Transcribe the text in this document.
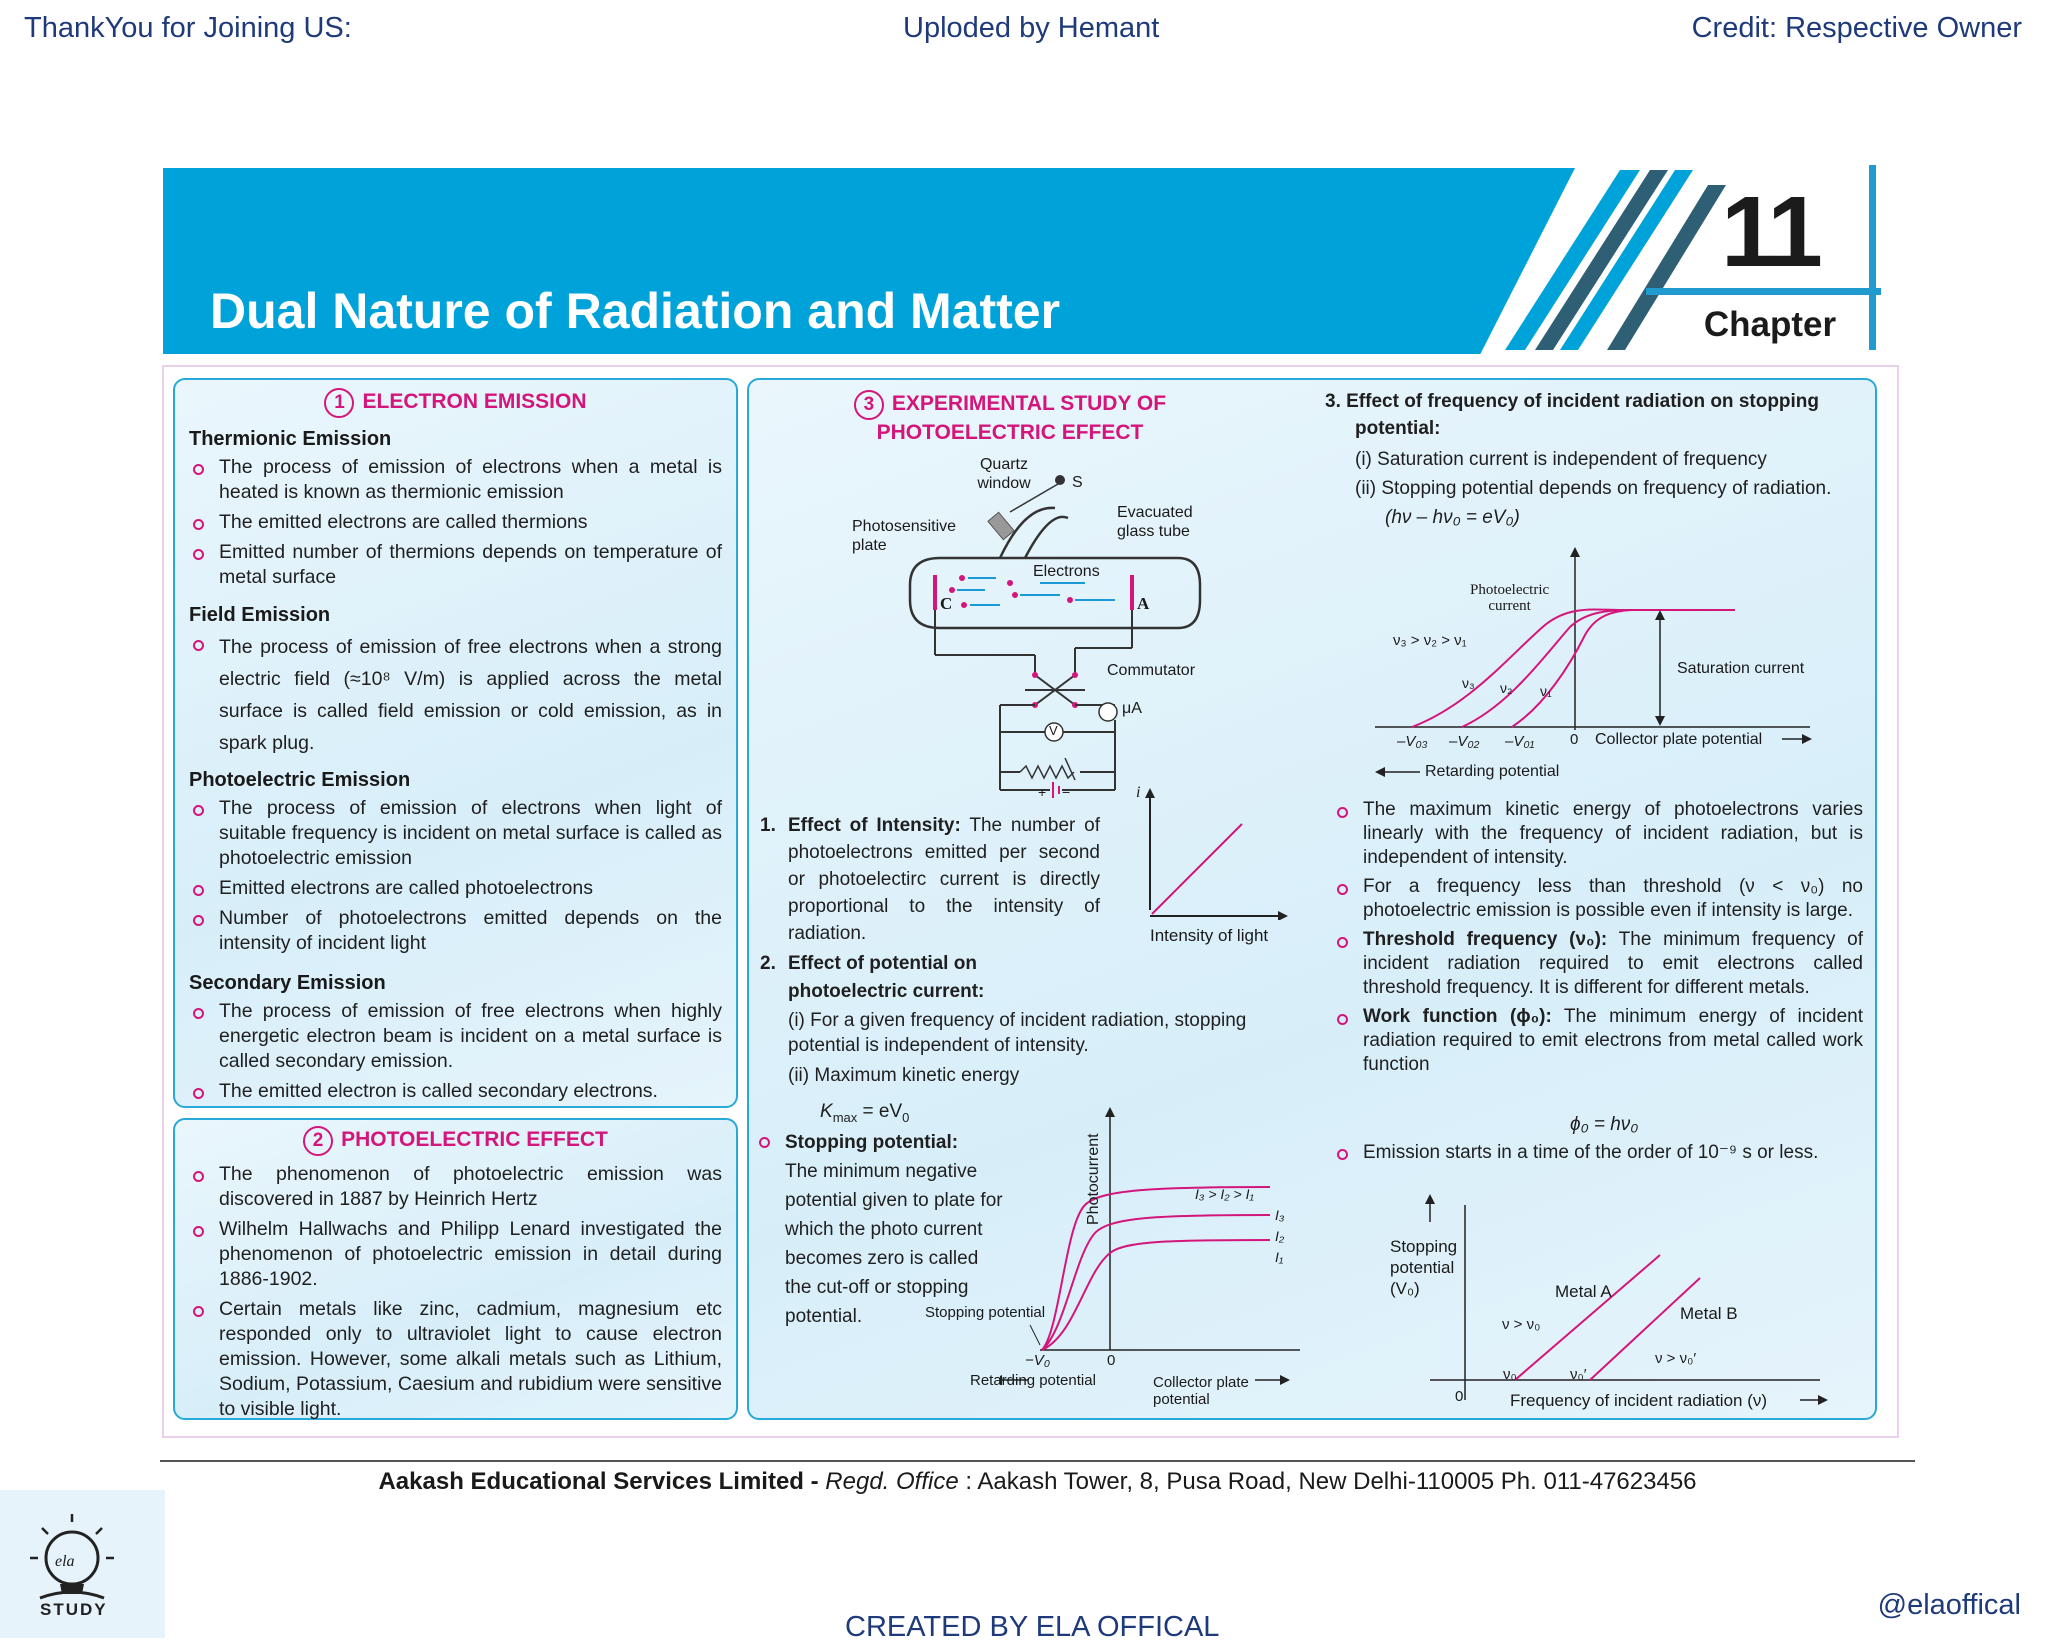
ThankYou for Joining US:	Uploded by Hemant	Credit: Respective Owner
Dual Nature of Radiation and Matter
11
Chapter
1 ELECTRON EMISSION
Thermionic Emission
The process of emission of electrons when a metal is heated is known as thermionic emission
The emitted electrons are called thermions
Emitted number of thermions depends on temperature of metal surface
Field Emission
The process of emission of free electrons when a strong electric field (≈10⁸ V/m) is applied across the metal surface is called field emission or cold emission, as in spark plug.
Photoelectric Emission
The process of emission of electrons when light of suitable frequency is incident on metal surface is called as photoelectric emission
Emitted electrons are called photoelectrons
Number of photoelectrons emitted depends on the intensity of incident light
Secondary Emission
The process of emission of free electrons when highly energetic electron beam is incident on a metal surface is called secondary emission.
The emitted electron is called secondary electrons.
2 PHOTOELECTRIC EFFECT
The phenomenon of photoelectric emission was discovered in 1887 by Heinrich Hertz
Wilhelm Hallwachs and Philipp Lenard investigated the phenomenon of photoelectric emission in detail during 1886-1902.
Certain metals like zinc, cadmium, magnesium etc responded only to ultraviolet light to cause electron emission. However, some alkali metals such as Lithium, Sodium, Potassium, Caesium and rubidium were sensitive to visible light.
3 EXPERIMENTAL STUDY OF
PHOTOELECTRIC EFFECT
Quartz
window	S
Photosensitive
plate
Evacuated
glass tube
Electrons
C	A
Commutator
μA
V
+ −
1. Effect of Intensity: The number of photoelectrons emitted per second or photoelectirc current is directly proportional to the intensity of radiation.
i
Intensity of light
2. Effect of potential on
photoelectric current:
(i) For a given frequency of incident radiation, stopping potential is independent of intensity.
(ii) Maximum kinetic energy
$K_{max} = eV_0$
Stopping potential:
The minimum negative potential given to plate for which the photo current becomes zero is called the cut-off or stopping potential.
Photocurrent	I₃ > I₂ > I₁
I₃
I₂
I₁
Stopping potential
−V₀	0
Retarding potential	Collector plate
potential
3. Effect of frequency of incident radiation on stopping
potential:
(i) Saturation current is independent of frequency
(ii) Stopping potential depends on frequency of radiation.
(hν – hν₀ = eV₀)
Photoelectric
current
ν₃ > ν₂ > ν₁
ν₃ ν₂ ν₁
Saturation current
–V₀₃ –V₀₂ –V₀₁ 0 Collector plate potential
Retarding potential
The maximum kinetic energy of photoelectrons varies linearly with the frequency of incident radiation, but is independent of intensity.
For a frequency less than threshold (ν < ν₀) no photoelectric emission is possible even if intensity is large.
Threshold frequency (ν₀): The minimum frequency of incident radiation required to emit electrons called threshold frequency. It is different for different metals.
Work function (ϕ₀): The minimum energy of incident radiation required to emit electrons from metal called work function
ϕ₀ = hν₀
Emission starts in a time of the order of 10⁻⁹ s or less.
Stopping
potential
(V₀)	Metal A
Metal B
ν > ν₀
ν > ν₀′
ν₀	ν₀′
0	Frequency of incident radiation (ν)
Aakash Educational Services Limited - Regd. Office : Aakash Tower, 8, Pusa Road, New Delhi-110005 Ph. 011-47623456
ela
STUDY
CREATED BY ELA OFFICAL
@elaoffical
